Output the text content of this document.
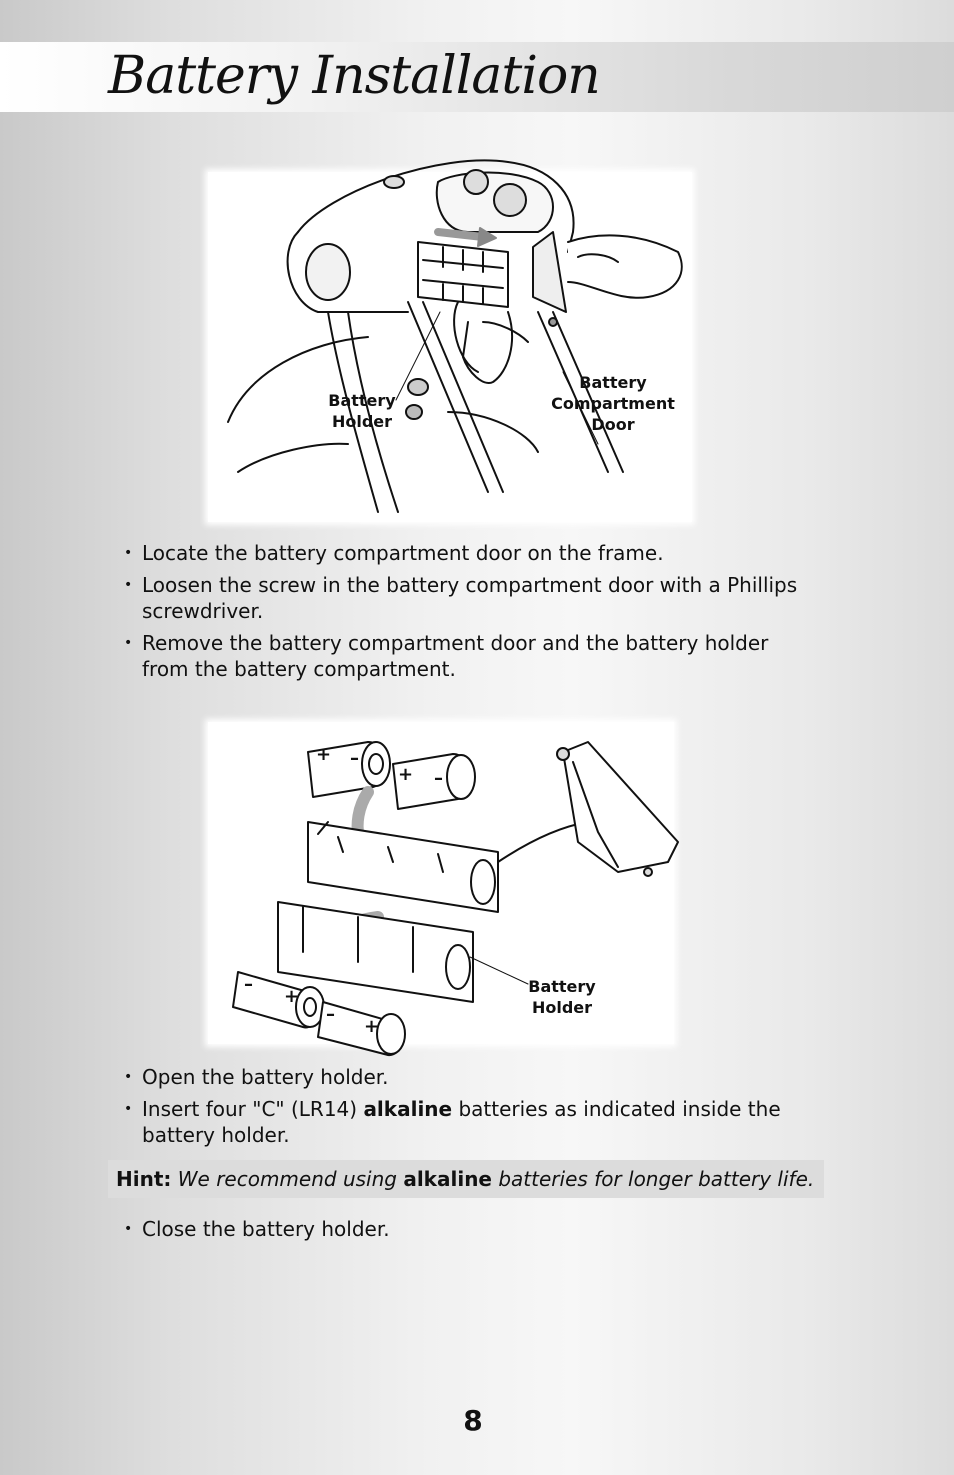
Battery Installation
Battery
Holder
Battery
Compartment
Door
• Locate the battery compartment door on the frame.
• Loosen the screw in the battery compartment door with a Phillips screwdriver.
• Remove the battery compartment door and the battery holder from the battery compartment.
+ –
+ –
–
+
–
+
Battery
Holder
• Open the battery holder.
• Insert four "C" (LR14) alkaline batteries as indicated inside the battery holder.
Hint: We recommend using alkaline batteries for longer battery life.
• Close the battery holder.
8
